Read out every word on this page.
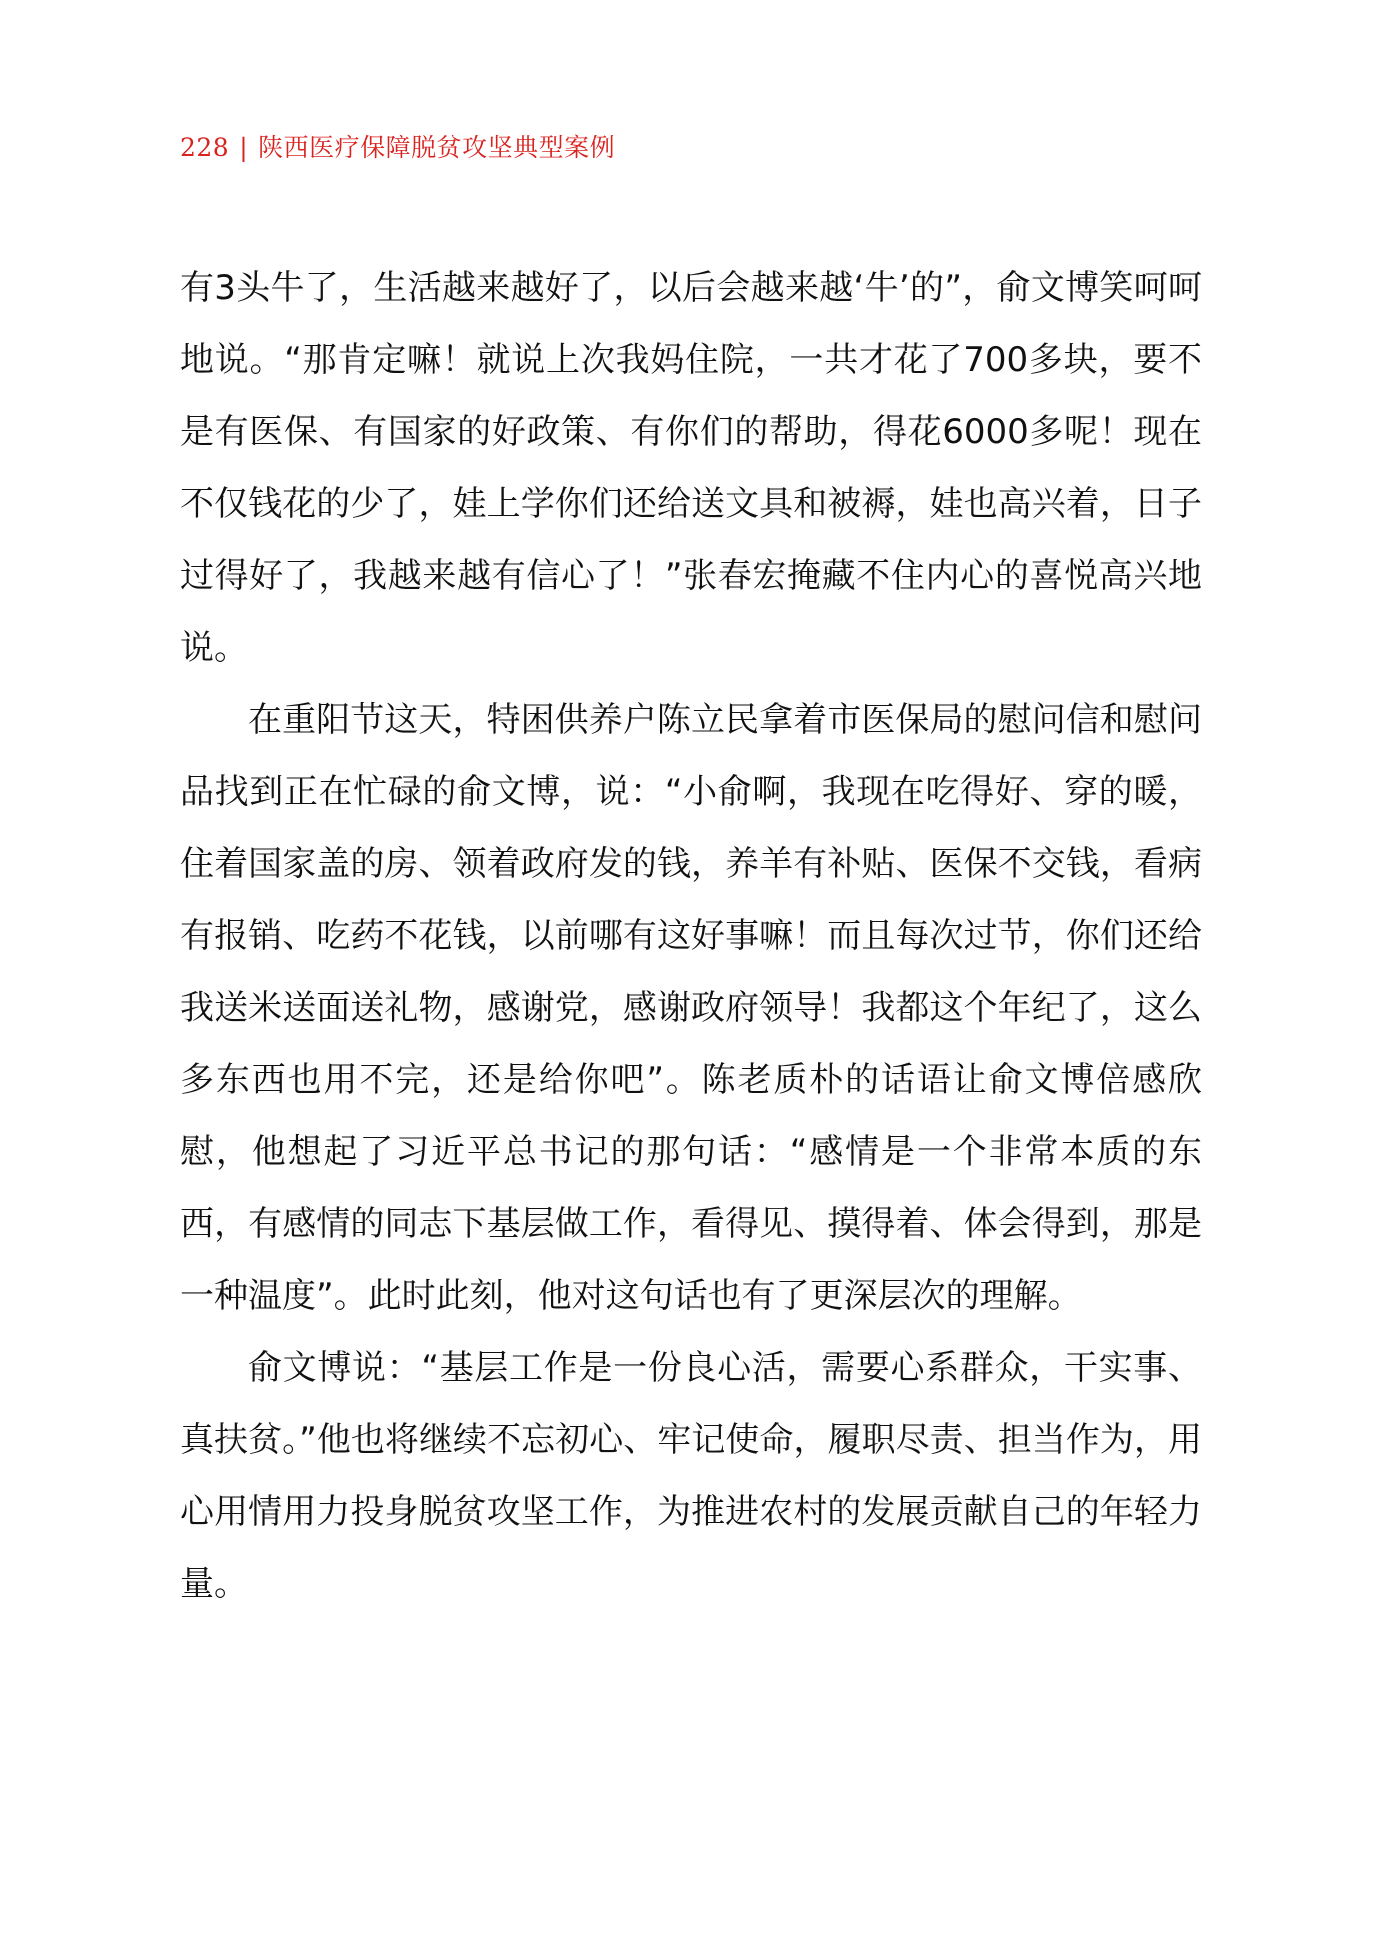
228 | 陕西医疗保障脱贫攻坚典型案例

有3头牛了，生活越来越好了，以后会越来越‘牛’的”，俞文博笑呵呵地说。“那肯定嘛！就说上次我妈住院，一共才花了700多块，要不是有医保、有国家的好政策、有你们的帮助，得花6000多呢！现在不仅钱花的少了，娃上学你们还给送文具和被褥，娃也高兴着，日子过得好了，我越来越有信心了！”张春宏掩藏不住内心的喜悦高兴地说。

在重阳节这天，特困供养户陈立民拿着市医保局的慰问信和慰问品找到正在忙碌的俞文博，说：“小俞啊，我现在吃得好、穿的暖，住着国家盖的房、领着政府发的钱，养羊有补贴、医保不交钱，看病有报销、吃药不花钱，以前哪有这好事嘛！而且每次过节，你们还给我送米送面送礼物，感谢党，感谢政府领导！我都这个年纪了，这么多东西也用不完，还是给你吧”。陈老质朴的话语让俞文博倍感欣慰，他想起了习近平总书记的那句话：“感情是一个非常本质的东西，有感情的同志下基层做工作，看得见、摸得着、体会得到，那是一种温度”。此时此刻，他对这句话也有了更深层次的理解。

俞文博说：“基层工作是一份良心活，需要心系群众，干实事、真扶贫。”他也将继续不忘初心、牢记使命，履职尽责、担当作为，用心用情用力投身脱贫攻坚工作，为推进农村的发展贡献自己的年轻力量。
